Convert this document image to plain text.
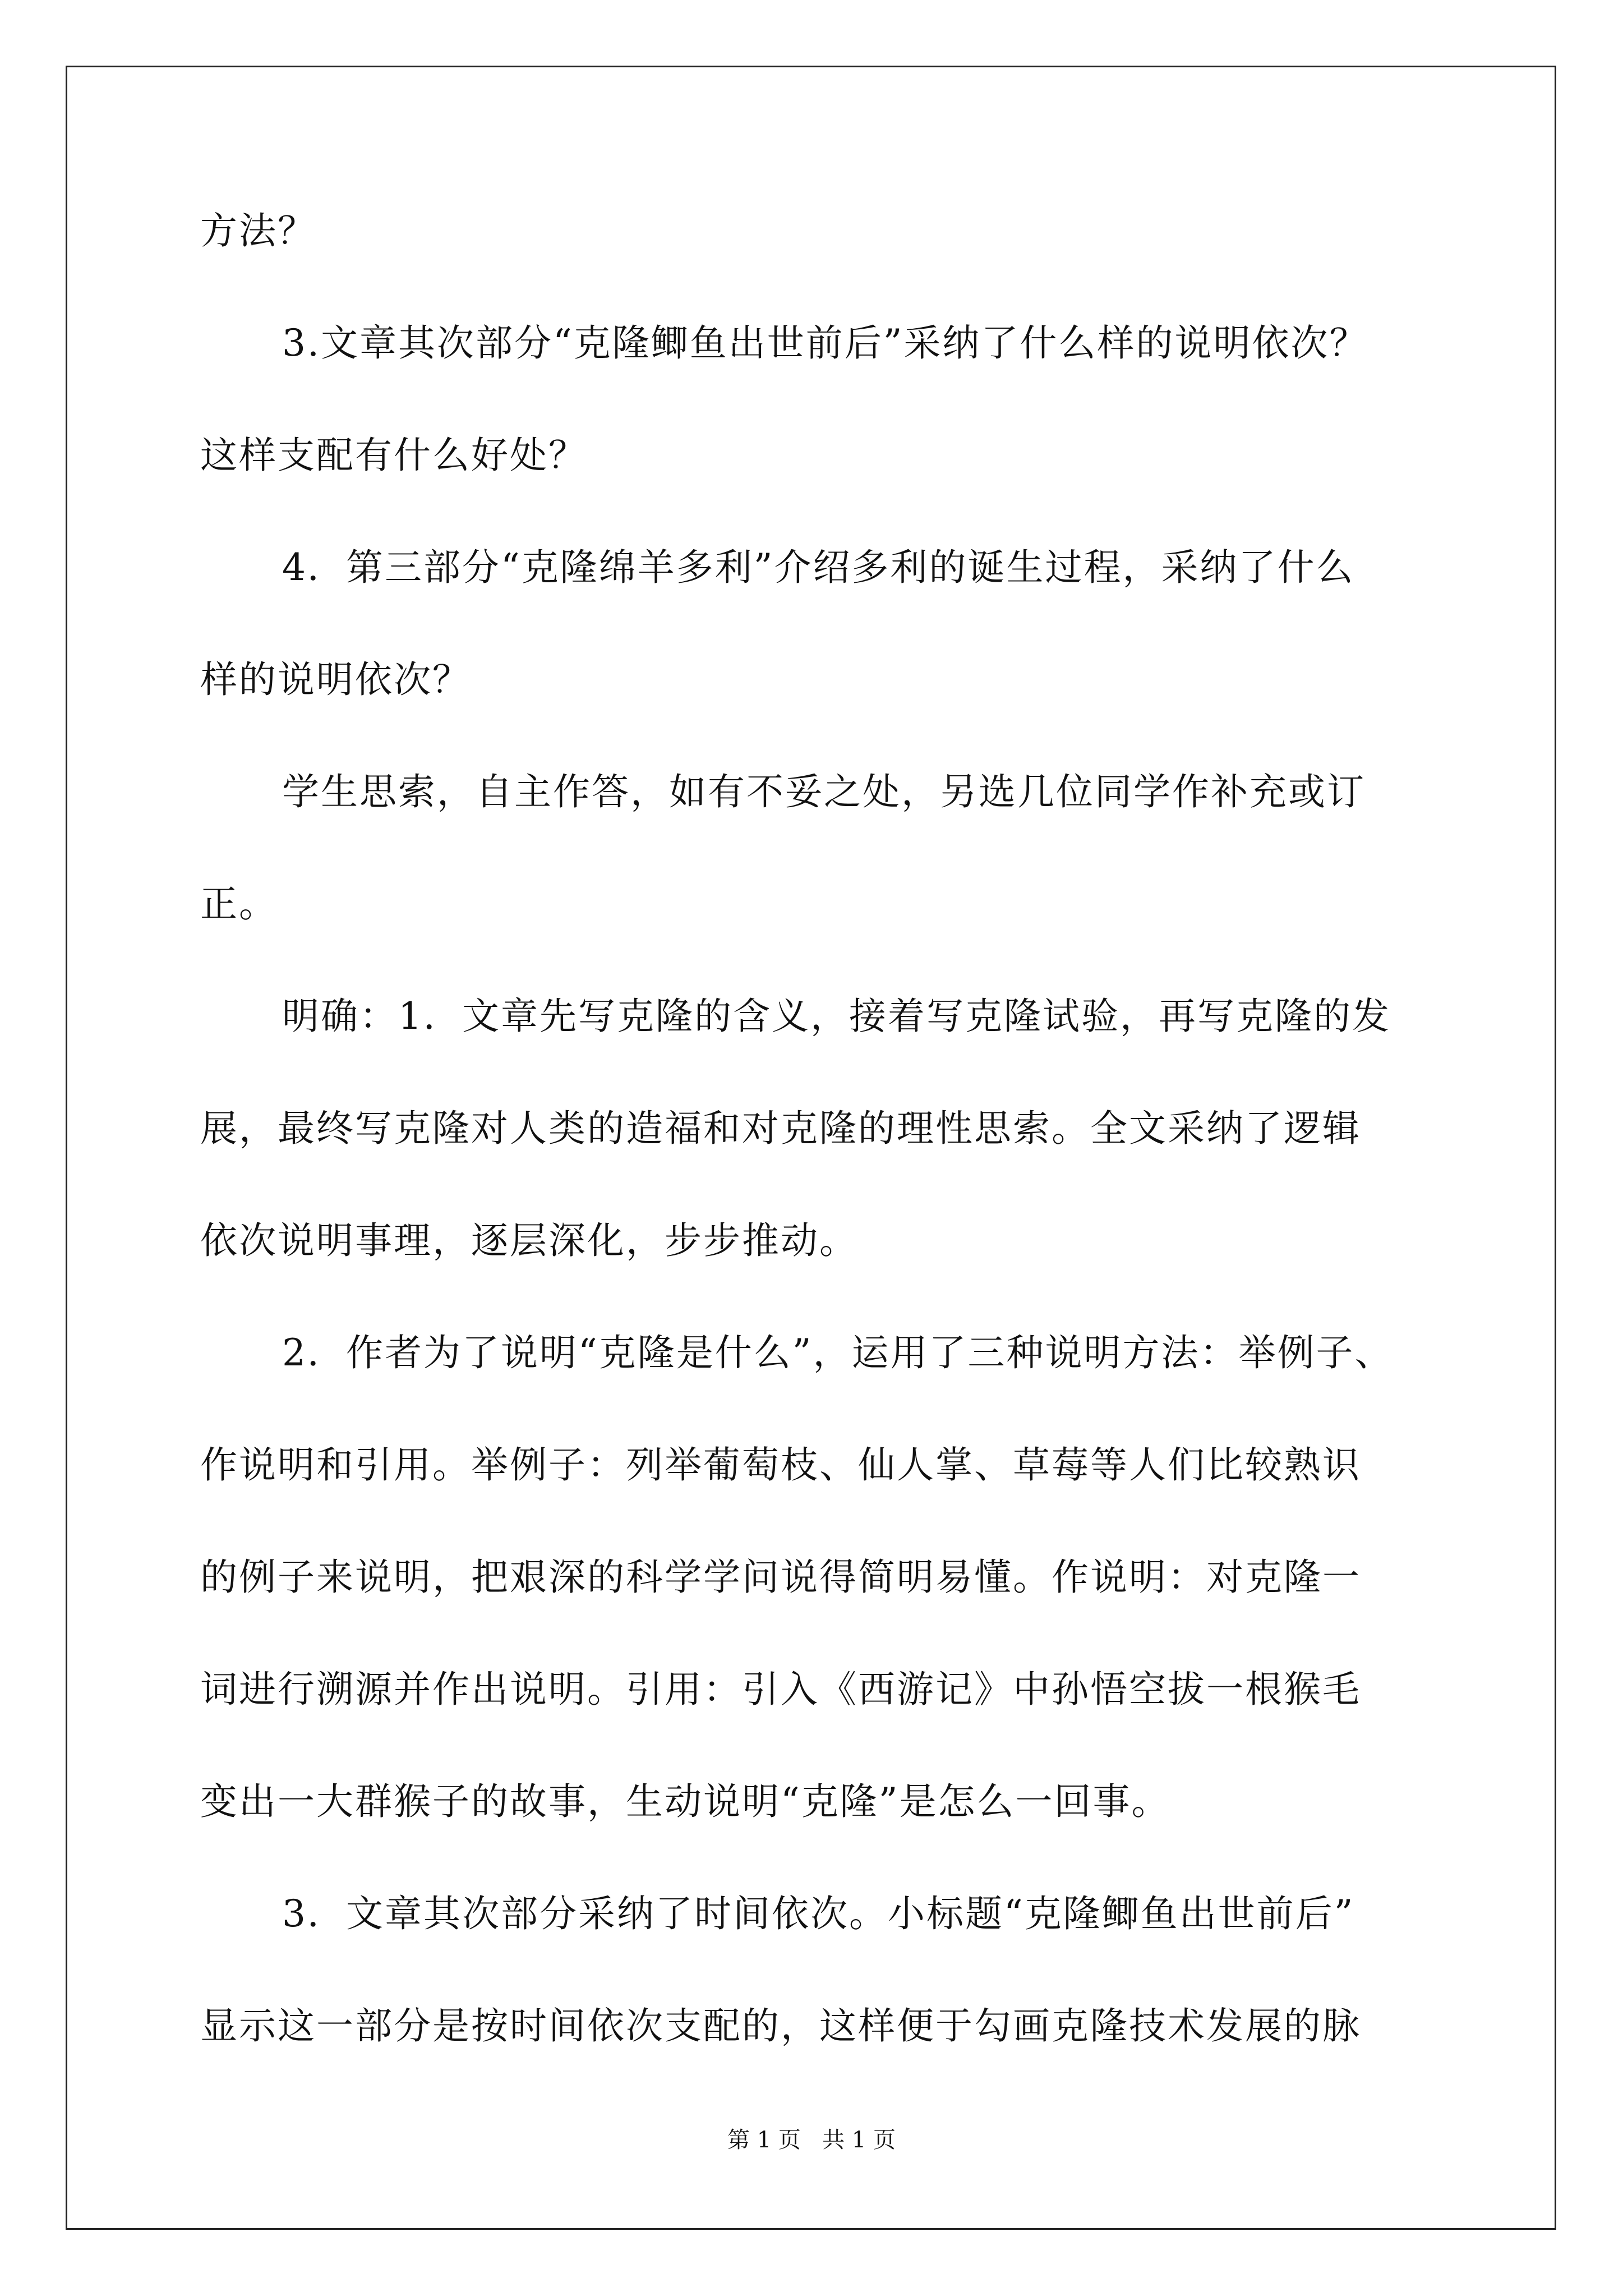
方法？

3.文章其次部分“克隆鲫鱼出世前后”采纳了什么样的说明依次？

这样支配有什么好处？

4．第三部分“克隆绵羊多利”介绍多利的诞生过程，采纳了什么

样的说明依次？

学生思索，自主作答，如有不妥之处，另选几位同学作补充或订

正。

明确：1．文章先写克隆的含义，接着写克隆试验，再写克隆的发

展，最终写克隆对人类的造福和对克隆的理性思索。全文采纳了逻辑

依次说明事理，逐层深化，步步推动。

2．作者为了说明“克隆是什么”，运用了三种说明方法：举例子、

作说明和引用。举例子：列举葡萄枝、仙人掌、草莓等人们比较熟识

的例子来说明，把艰深的科学学问说得简明易懂。作说明：对克隆一

词进行溯源并作出说明。引用：引入《西游记》中孙悟空拔一根猴毛

变出一大群猴子的故事，生动说明“克隆”是怎么一回事。

3．文章其次部分采纳了时间依次。小标题“克隆鲫鱼出世前后”

显示这一部分是按时间依次支配的，这样便于勾画克隆技术发展的脉

第 1 页   共 1 页
